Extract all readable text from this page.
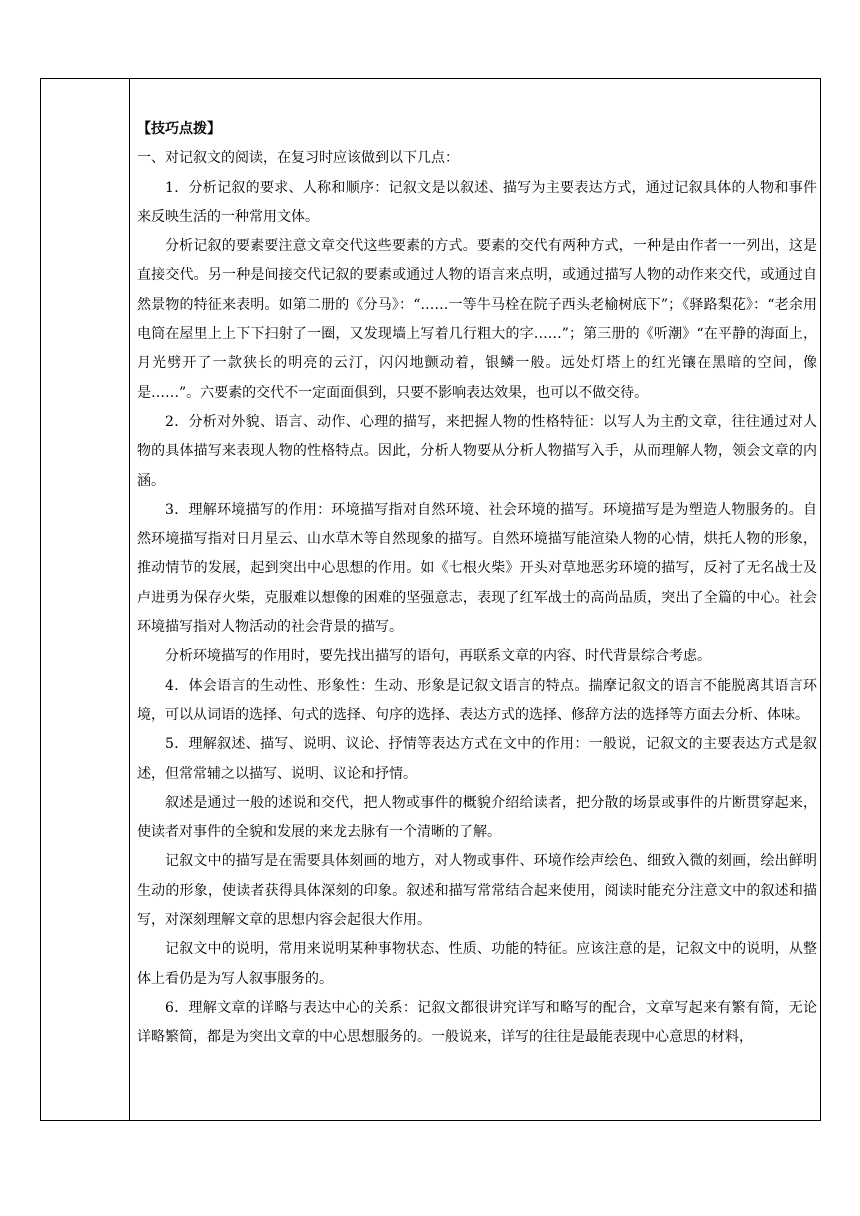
【技巧点拨】

一、对记叙文的阅读，在复习时应该做到以下几点：

1．分析记叙的要求、人称和顺序：记叙文是以叙述、描写为主要表达方式，通过记叙具体的人物和事件来反映生活的一种常用文体。

分析记叙的要素要注意文章交代这些要素的方式。要素的交代有两种方式，一种是由作者一一列出，这是直接交代。另一种是间接交代记叙的要素或通过人物的语言来点明，或通过描写人物的动作来交代，或通过自然景物的特征来表明。如第二册的《分马》：“……一等牛马栓在院子西头老榆树底下”；《驿路梨花》：“老余用电筒在屋里上上下下扫射了一圈，又发现墙上写着几行粗大的字……”；第三册的《听潮》“在平静的海面上，月光劈开了一款狭长的明亮的云汀，闪闪地颤动着，银鳞一般。远处灯塔上的红光镶在黑暗的空间，像是……”。六要素的交代不一定面面俱到，只要不影响表达效果，也可以不做交待。

2．分析对外貌、语言、动作、心理的描写，来把握人物的性格特征：以写人为主酌文章，往往通过对人物的具体描写来表现人物的性格特点。因此，分析人物要从分析人物描写入手，从而理解人物，领会文章的内涵。

3．理解环境描写的作用：环境描写指对自然环境、社会环境的描写。环境描写是为塑造人物服务的。自然环境描写指对日月星云、山水草木等自然现象的描写。自然环境描写能渲染人物的心情，烘托人物的形象，推动情节的发展，起到突出中心思想的作用。如《七根火柴》开头对草地恶劣环境的描写，反衬了无名战士及卢进勇为保存火柴，克服难以想像的困难的坚强意志，表现了红军战士的高尚品质，突出了全篇的中心。社会环境描写指对人物活动的社会背景的描写。

分析环境描写的作用时，要先找出描写的语句，再联系文章的内容、时代背景综合考虑。

4．体会语言的生动性、形象性：生动、形象是记叙文语言的特点。揣摩记叙文的语言不能脱离其语言环境，可以从词语的选择、句式的选择、句序的选择、表达方式的选择、修辞方法的选择等方面去分析、体味。

5．理解叙述、描写、说明、议论、抒情等表达方式在文中的作用：一般说，记叙文的主要表达方式是叙述，但常常辅之以描写、说明、议论和抒情。

叙述是通过一般的述说和交代，把人物或事件的概貌介绍给读者，把分散的场景或事件的片断贯穿起来，使读者对事件的全貌和发展的来龙去脉有一个清晰的了解。

记叙文中的描写是在需要具体刻画的地方，对人物或事件、环境作绘声绘色、细致入微的刻画，绘出鲜明生动的形象，使读者获得具体深刻的印象。叙述和描写常常结合起来使用，阅读时能充分注意文中的叙述和描写，对深刻理解文章的思想内容会起很大作用。

记叙文中的说明，常用来说明某种事物状态、性质、功能的特征。应该注意的是，记叙文中的说明，从整体上看仍是为写人叙事服务的。

6．理解文章的详略与表达中心的关系：记叙文都很讲究详写和略写的配合，文章写起来有繁有简，无论详略繁简，都是为突出文章的中心思想服务的。一般说来，详写的往往是最能表现中心意思的材料，
